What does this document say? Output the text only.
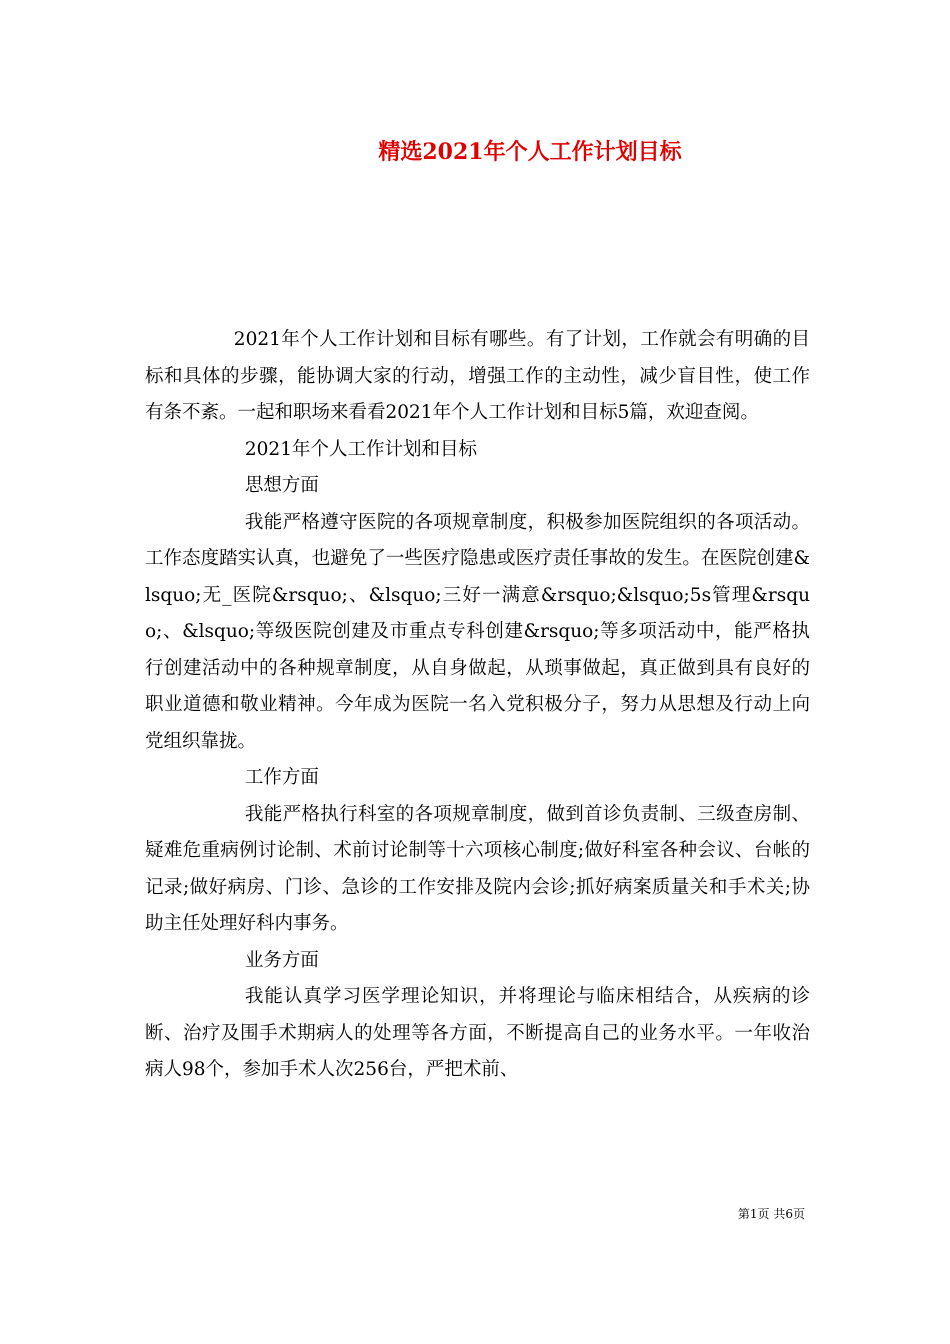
精选2021年个人工作计划目标

2021年个人工作计划和目标有哪些。有了计划，工作就会有明确的目标和具体的步骤，能协调大家的行动，增强工作的主动性，减少盲目性，使工作有条不紊。一起和职场来看看2021年个人工作计划和目标5篇，欢迎查阅。

2021年个人工作计划和目标

思想方面

我能严格遵守医院的各项规章制度，积极参加医院组织的各项活动。工作态度踏实认真，也避免了一些医疗隐患或医疗责任事故的发生。在医院创建&lsquo;无_医院&rsquo;、&lsquo;三好一满意&rsquo;&lsquo;5s管理&rsquo;、&lsquo;等级医院创建及市重点专科创建&rsquo;等多项活动中，能严格执行创建活动中的各种规章制度，从自身做起，从琐事做起，真正做到具有良好的职业道德和敬业精神。今年成为医院一名入党积极分子，努力从思想及行动上向党组织靠拢。

工作方面

我能严格执行科室的各项规章制度，做到首诊负责制、三级查房制、疑难危重病例讨论制、术前讨论制等十六项核心制度;做好科室各种会议、台帐的记录;做好病房、门诊、急诊的工作安排及院内会诊;抓好病案质量关和手术关;协助主任处理好科内事务。

业务方面

我能认真学习医学理论知识，并将理论与临床相结合，从疾病的诊断、治疗及围手术期病人的处理等各方面，不断提高自己的业务水平。一年收治病人98个，参加手术人次256台，严把术前、

第1页 共6页
